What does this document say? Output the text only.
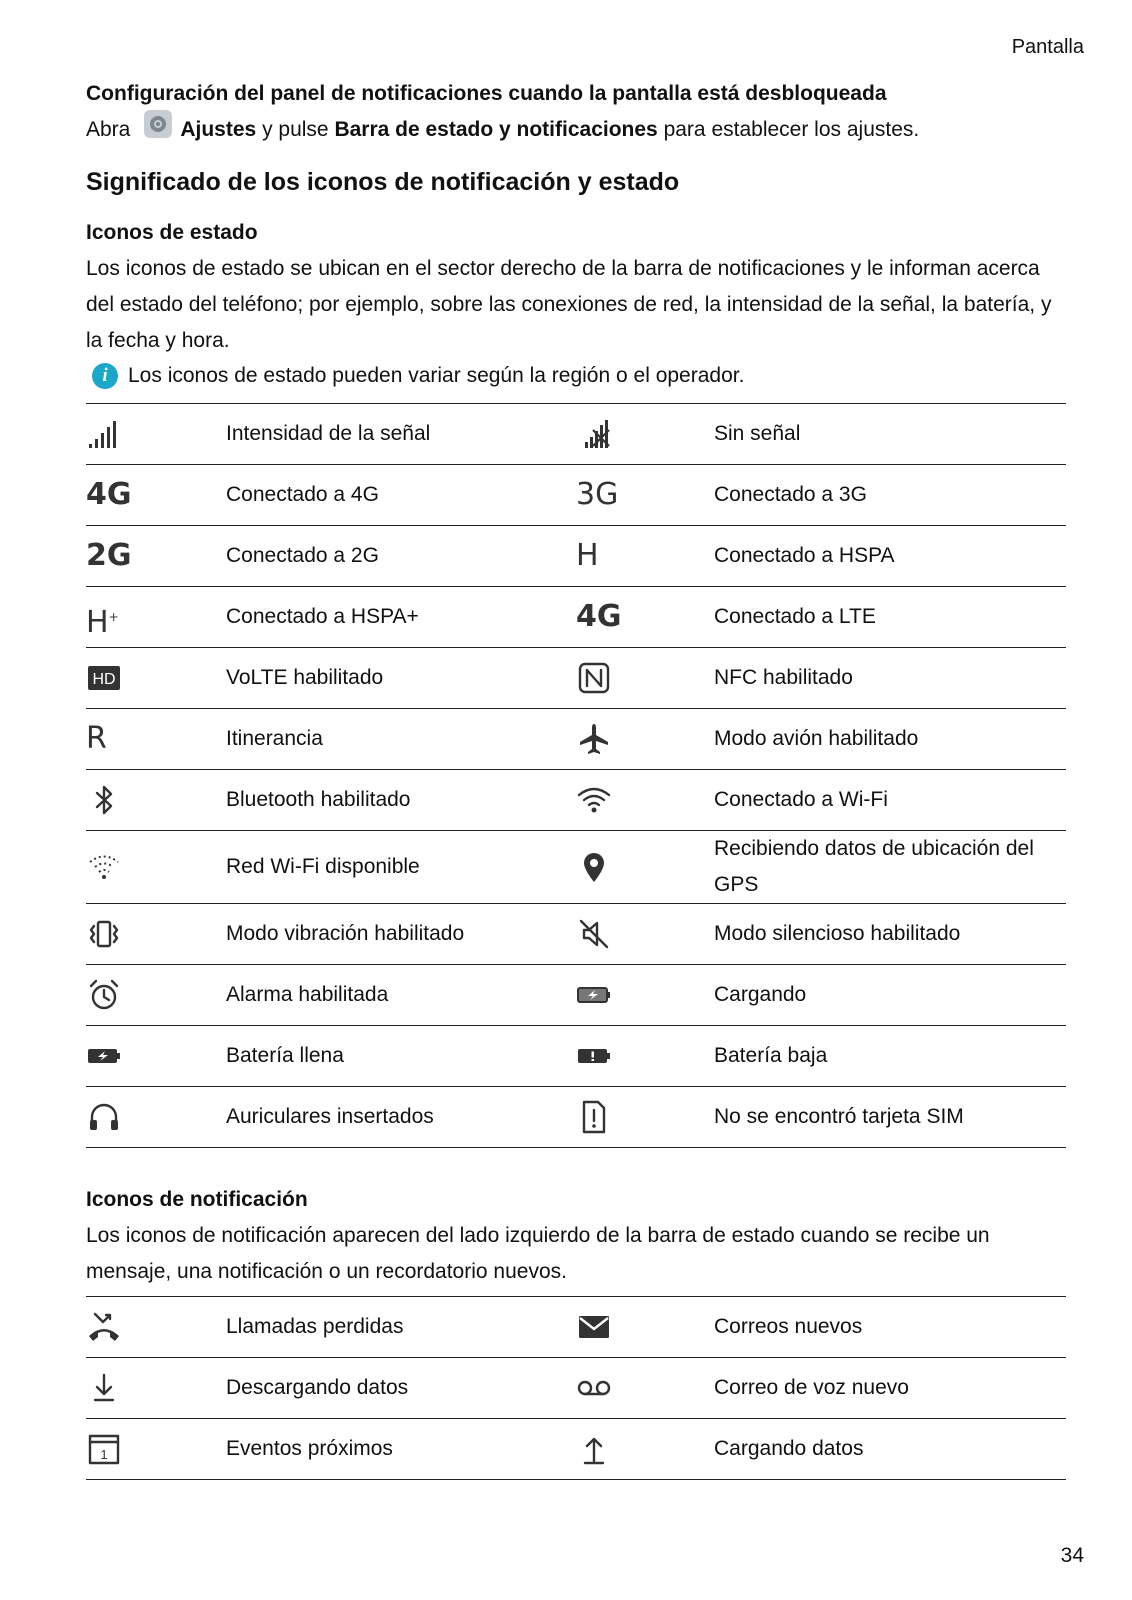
Pantalla

Configuración del panel de notificaciones cuando la pantalla está desbloqueada

Abra Ajustes
y pulse
Barra de estado y notificaciones
para establecer los ajustes.

Significado de los iconos de notificación y estado

Iconos de estado

Los iconos de estado se ubican en el sector derecho de la barra de notificaciones y le informan acerca del estado del teléfono; por ejemplo, sobre las conexiones de red, la intensidad de la señal, la batería, y la fecha y hora.

i Los iconos de estado pueden variar según la región o el operador.
	Intensidad de la señal		Sin señal
4G	Conectado a 4G	3G	Conectado a 3G
2G	Conectado a 2G	H	Conectado a HSPA
H+	Conectado a HSPA+	4G	Conectado a LTE

HD	VoLTE habilitado		NFC habilitado
R	Itinerancia		Modo avión habilitado

	Bluetooth habilitado		Conectado a Wi-Fi

	Red Wi-Fi disponible		Recibiendo datos de ubicación del GPS

	Modo vibración habilitado		Modo silencioso habilitado

	Alarma habilitada		Cargando

	Batería llena		Batería baja

	Auriculares insertados		No se encontró tarjeta SIM

Iconos de notificación

Los iconos de notificación aparecen del lado izquierdo de la barra de estado cuando se recibe un mensaje, una notificación o un recordatorio nuevos.

	Llamadas perdidas		Correos nuevos

	Descargando datos		Correo de voz nuevo

1	Eventos próximos		Cargando datos
34
